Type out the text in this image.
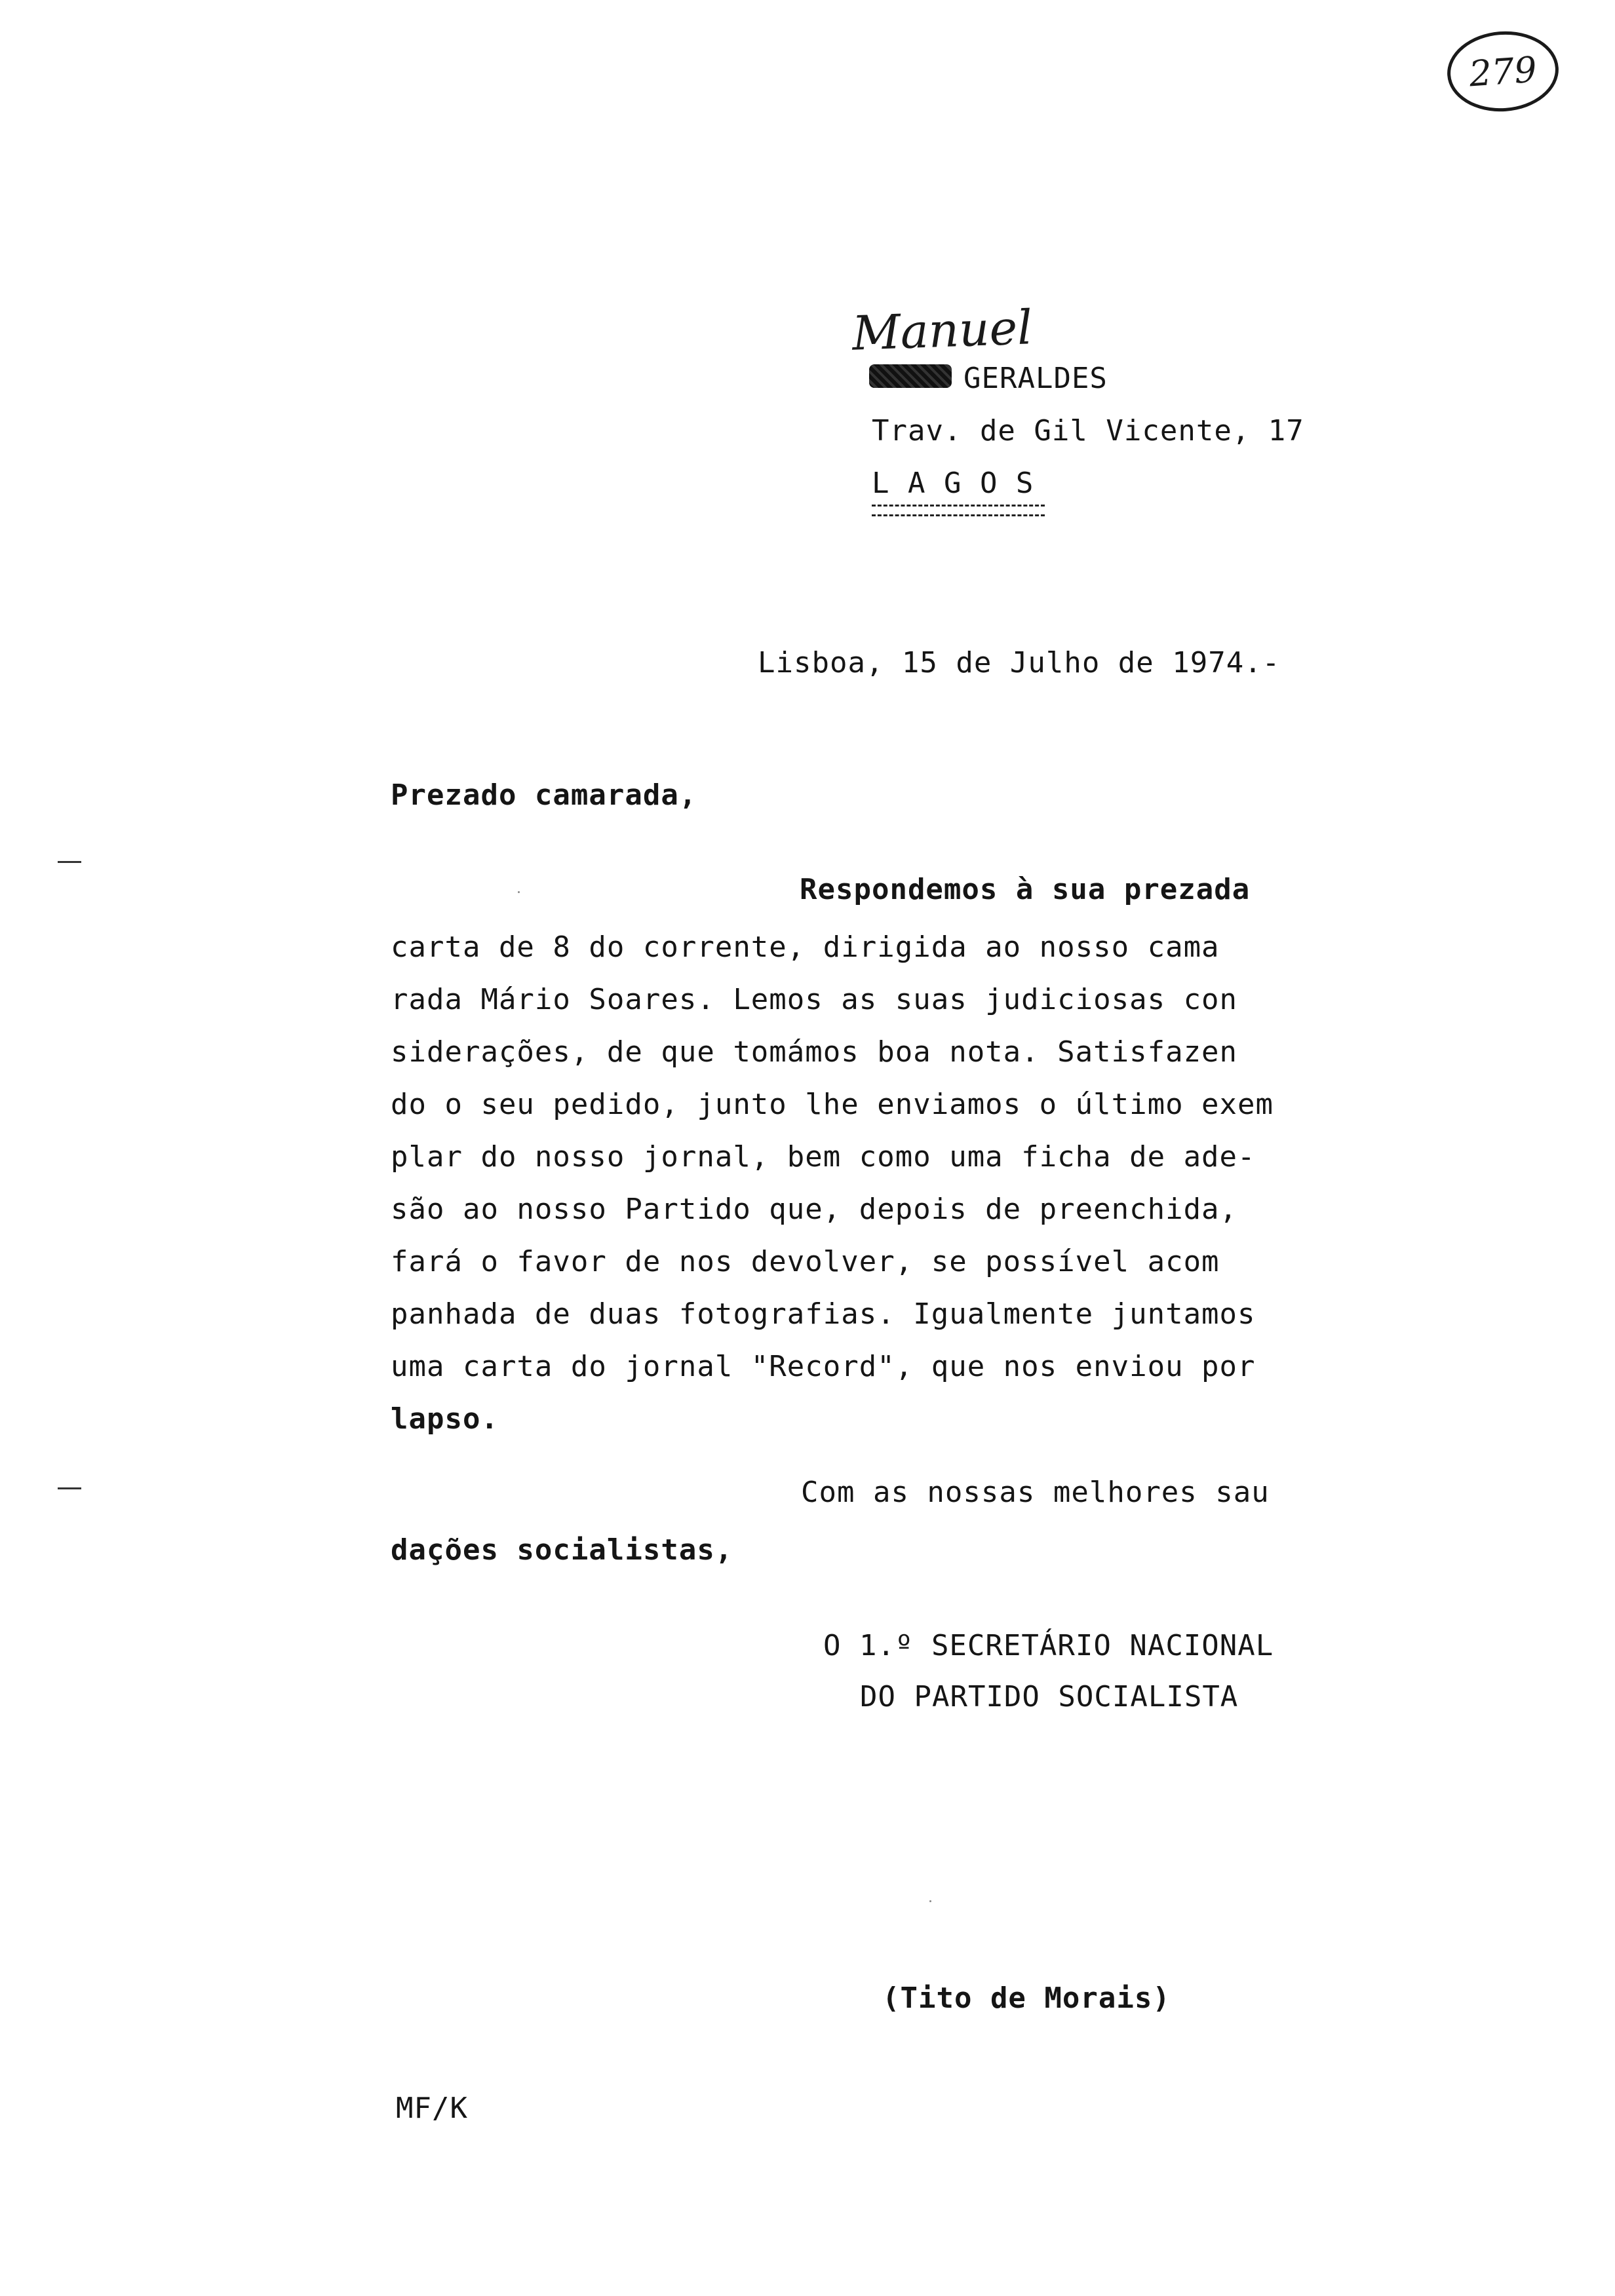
279
Manuel
GERALDES
Trav. de Gil Vicente, 17
L A G O S
Lisboa, 15 de Julho de 1974.-
Prezado camarada,
Respondemos à sua prezada
carta de 8 do corrente, dirigida ao nosso cama
rada Mário Soares. Lemos as suas judiciosas con
siderações, de que tomámos boa nota. Satisfazen
do o seu pedido, junto lhe enviamos o último exem
plar do nosso jornal, bem como uma ficha de ade-
são ao nosso Partido que, depois de preenchida,
fará o favor de nos devolver, se possível acom
panhada de duas fotografias. Igualmente juntamos
uma carta do jornal "Record", que nos enviou por
lapso.
Com as nossas melhores sau
dações socialistas,
O 1.º SECRETÁRIO NACIONAL
DO PARTIDO SOCIALISTA
(Tito de Morais)
MF/K
